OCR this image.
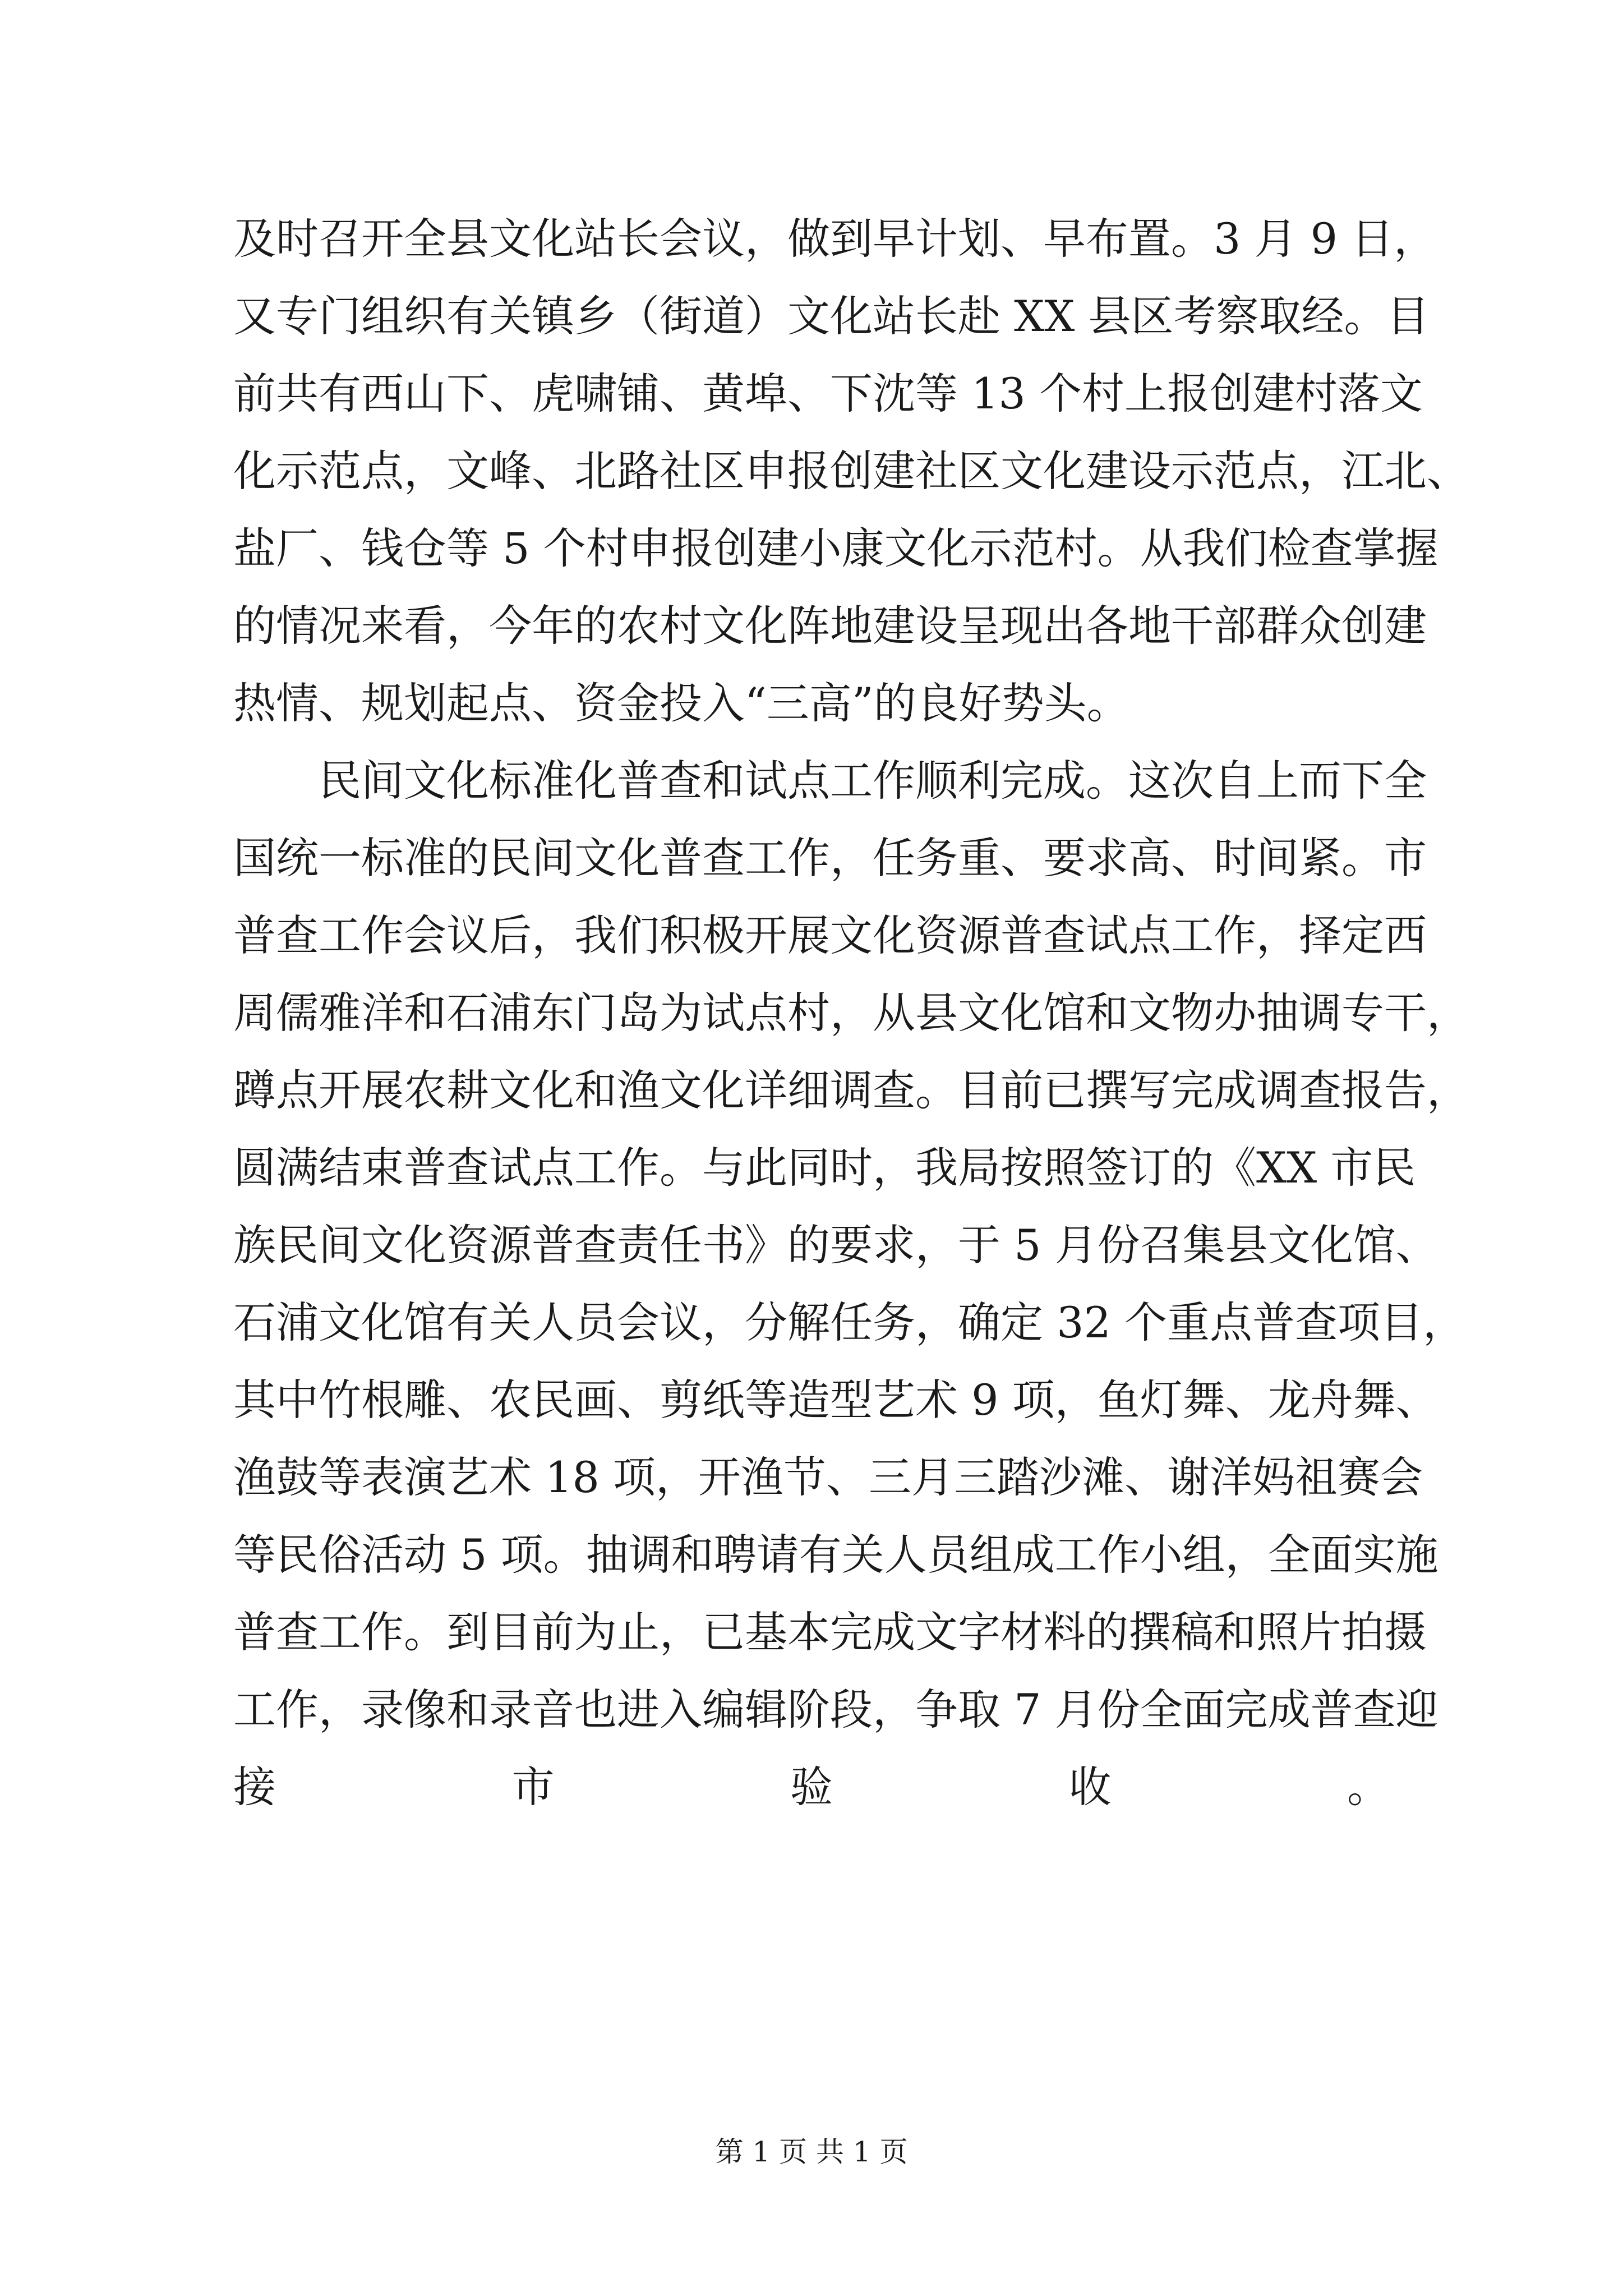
及时召开全县文化站长会议，做到早计划、早布置。3 月 9 日，
又专门组织有关镇乡（街道）文化站长赴 XX 县区考察取经。目
前共有西山下、虎啸铺、黄埠、下沈等 13 个村上报创建村落文
化示范点，文峰、北路社区申报创建社区文化建设示范点，江北、
盐厂、钱仓等 5 个村申报创建小康文化示范村。从我们检查掌握
的情况来看，今年的农村文化阵地建设呈现出各地干部群众创建
热情、规划起点、资金投入“三高”的良好势头。
　　民间文化标准化普查和试点工作顺利完成。这次自上而下全
国统一标准的民间文化普查工作，任务重、要求高、时间紧。市
普查工作会议后，我们积极开展文化资源普查试点工作，择定西
周儒雅洋和石浦东门岛为试点村，从县文化馆和文物办抽调专干，
蹲点开展农耕文化和渔文化详细调查。目前已撰写完成调查报告，
圆满结束普查试点工作。与此同时，我局按照签订的《XX 市民
族民间文化资源普查责任书》的要求，于 5 月份召集县文化馆、
石浦文化馆有关人员会议，分解任务，确定 32 个重点普查项目，
其中竹根雕、农民画、剪纸等造型艺术 9 项，鱼灯舞、龙舟舞、
渔鼓等表演艺术 18 项，开渔节、三月三踏沙滩、谢洋妈祖赛会
等民俗活动 5 项。抽调和聘请有关人员组成工作小组，全面实施
普查工作。到目前为止，已基本完成文字材料的撰稿和照片拍摄
工作，录像和录音也进入编辑阶段，争取 7 月份全面完成普查迎
接市验收。
第 1 页 共 1 页
